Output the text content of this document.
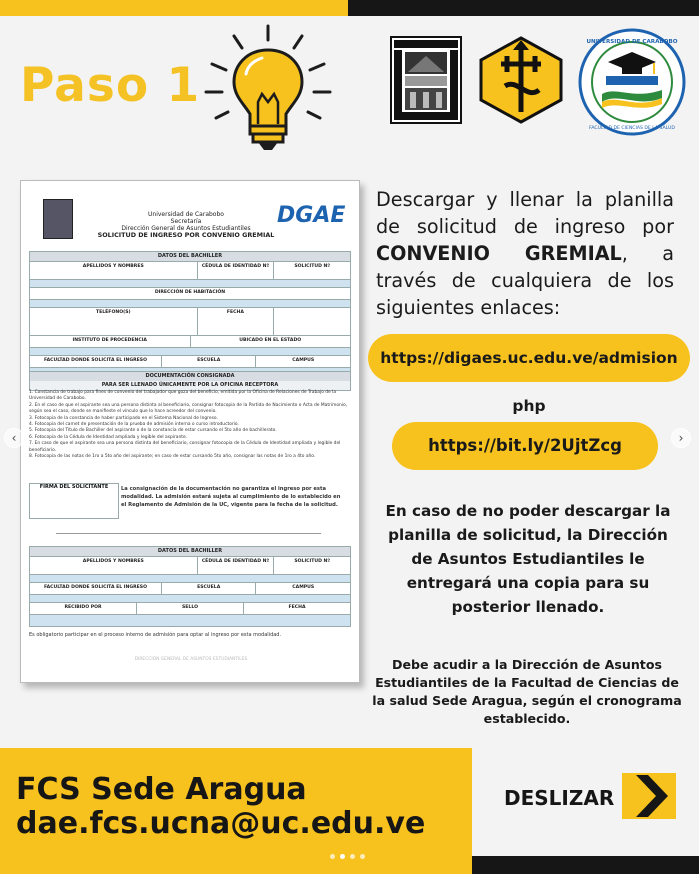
Paso 1
UNIVERSIDAD DE CARABOBO
FACULTAD DE CIENCIAS DE LA SALUD
DGAE
Universidad de Carabobo
Secretaría
Dirección General de Asuntos Estudiantiles
SOLICITUD DE INGRESO POR CONVENIO GREMIAL
DATOS DEL BACHILLER
APELLIDOS Y NOMBRES	CÉDULA DE IDENTIDAD Nº	SOLICITUD Nº
DIRECCIÓN DE HABITACIÓN
TELÉFONO(S)	FECHA
INSTITUTO DE PROCEDENCIA	UBICADO EN EL ESTADO
FACULTAD DONDE SOLICITA EL INGRESO	ESCUELA	CAMPUS
DOCUMENTACIÓN CONSIGNADA
PARA SER LLENADO ÚNICAMENTE POR LA OFICINA RECEPTORA
1. Constancia de trabajo para fines de convenio del trabajador que goza del beneficio, emitida por la Oficina de Relaciones de Trabajo de la Universidad de Carabobo.
2. En el caso de que el aspirante sea una persona distinta al beneficiario, consignar fotocopia de la Partida de Nacimiento o Acta de Matrimonio, según sea el caso, donde se manifieste el vínculo que lo hace acreedor del convenio.
3. Fotocopia de la constancia de haber participado en el Sistema Nacional de Ingreso.
4. Fotocopia del carnet de presentación de la prueba de admisión interna o curso introductorio.
5. Fotocopia del Título de Bachiller del aspirante o de la constancia de estar cursando el 5to año de bachillerato.
6. Fotocopia de la Cédula de Identidad ampliada y legible del aspirante.
7. En caso de que el aspirante sea una persona distinta del beneficiario, consignar fotocopia de la Cédula de Identidad ampliada y legible del beneficiario.
8. Fotocopia de las notas de 1ro a 5to año del aspirante; en caso de estar cursando 5to año, consignar las notas de 1ro a 4to año.
FIRMA DEL SOLICITANTE	La consignación de la documentación no garantiza el ingreso por esta modalidad. La admisión estará sujeta al cumplimiento de lo establecido en el Reglamento de Admisión de la UC, vigente para la fecha de la solicitud.
DATOS DEL BACHILLER
APELLIDOS Y NOMBRES	CÉDULA DE IDENTIDAD Nº	SOLICITUD Nº
FACULTAD DONDE SOLICITA EL INGRESO	ESCUELA	CAMPUS
RECIBIDO POR	SELLO	FECHA
Es obligatorio participar en el proceso interno de admisión para optar al ingreso por esta modalidad.
DIRECCIÓN GENERAL DE ASUNTOS ESTUDIANTILES
Descargar y llenar la planilla de solicitud de ingreso por CONVENIO GREMIAL, a través de cualquiera de los siguientes enlaces:
https://digaes.uc.edu.ve/admision php
https://bit.ly/2UjtZcg
En caso de no poder descargar la planilla de solicitud, la Dirección de Asuntos Estudiantiles le entregará una copia para su posterior llenado.
Debe acudir a la Dirección de Asuntos Estudiantiles de la Facultad de Ciencias de la salud Sede Aragua, según el cronograma establecido.
FCS Sede Aragua
dae.fcs.ucna@uc.edu.ve
DESLIZAR
‹	›
